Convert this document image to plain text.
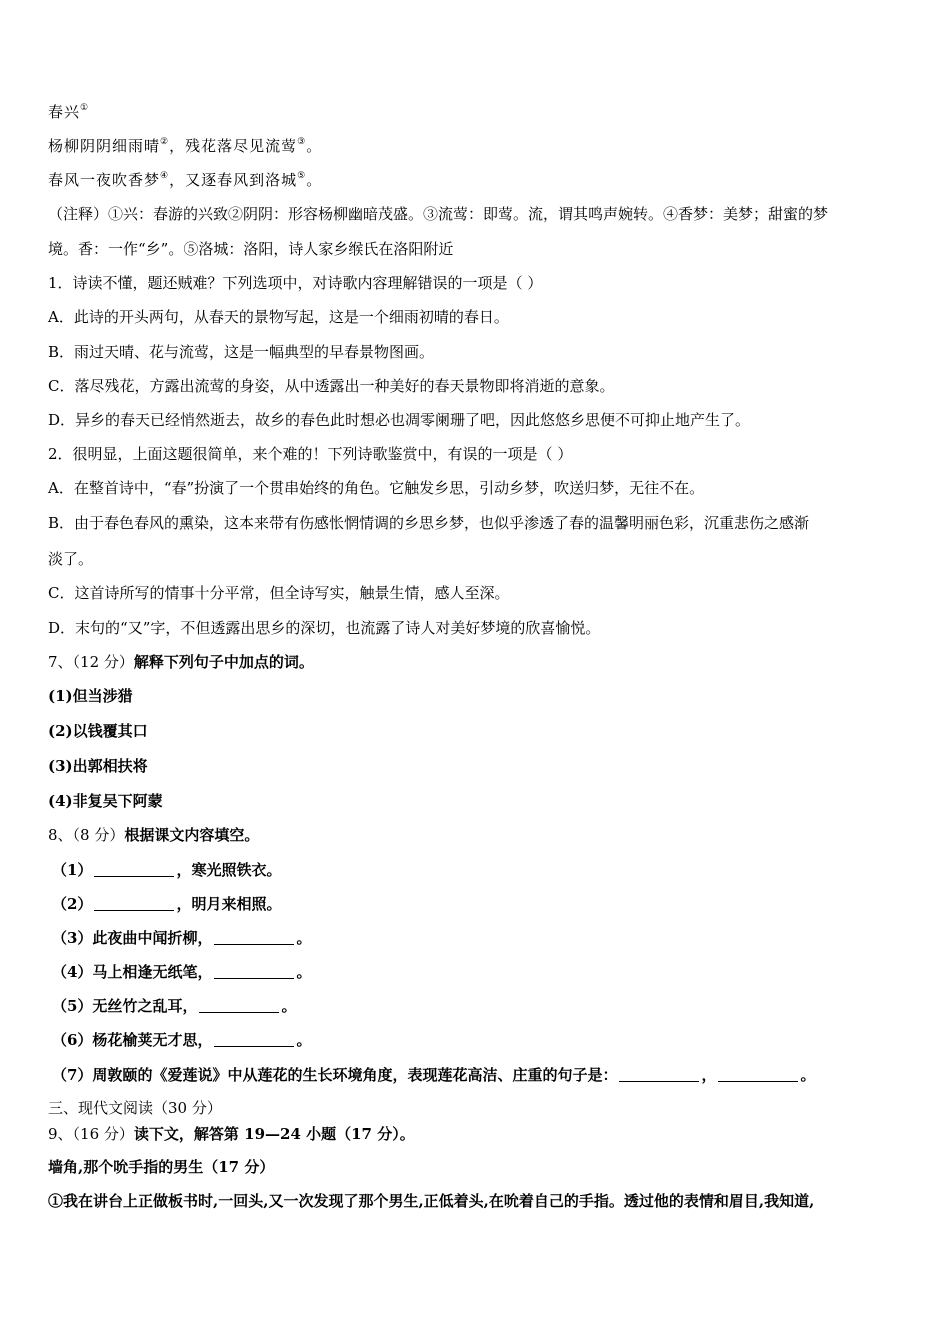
春兴①
杨柳阴阴细雨晴②，残花落尽见流莺③。
春风一夜吹香梦④，又逐春风到洛城⑤。
（注释）①兴：春游的兴致②阴阴：形容杨柳幽暗茂盛。③流莺：即莺。流，谓其鸣声婉转。④香梦：美梦；甜蜜的梦
境。香：一作“乡”。⑤洛城：洛阳，诗人家乡缑氏在洛阳附近
1．诗读不懂，题还贼难？下列选项中，对诗歌内容理解错误的一项是（ ）
A．此诗的开头两句，从春天的景物写起，这是一个细雨初晴的春日。
B．雨过天晴、花与流莺，这是一幅典型的早春景物图画。
C．落尽残花，方露出流莺的身姿，从中透露出一种美好的春天景物即将消逝的意象。
D．异乡的春天已经悄然逝去，故乡的春色此时想必也凋零阑珊了吧，因此悠悠乡思便不可抑止地产生了。
2．很明显，上面这题很简单，来个难的！下列诗歌鉴赏中，有误的一项是（ ）
A．在整首诗中，“春”扮演了一个贯串始终的角色。它触发乡思，引动乡梦，吹送归梦，无往不在。
B．由于春色春风的熏染，这本来带有伤感怅惘情调的乡思乡梦，也似乎渗透了春的温馨明丽色彩，沉重悲伤之感渐
淡了。
C．这首诗所写的情事十分平常，但全诗写实，触景生情，感人至深。
D．末句的“又”字，不但透露出思乡的深切，也流露了诗人对美好梦境的欣喜愉悦。
7、（12 分）解释下列句子中加点的词。
(1)但当涉猎
(2)以钱覆其口
(3)出郭相扶将
(4)非复吴下阿蒙
8、（8 分）根据课文内容填空。
（1）	，寒光照铁衣。
（2）	，明月来相照。
（3）此夜曲中闻折柳，	。
（4）马上相逢无纸笔，	。
（5）无丝竹之乱耳，	。
（6）杨花榆荚无才思，	。
（7）周敦颐的《爱莲说》中从莲花的生长环境角度，表现莲花高洁、庄重的句子是：	，	。
三、现代文阅读（30 分）
9、（16 分）读下文，解答第 19—24 小题（17 分）。
墙角,那个吮手指的男生（17 分）
①我在讲台上正做板书时,一回头,又一次发现了那个男生,正低着头,在吮着自己的手指。透过他的表情和眉目,我知道,
